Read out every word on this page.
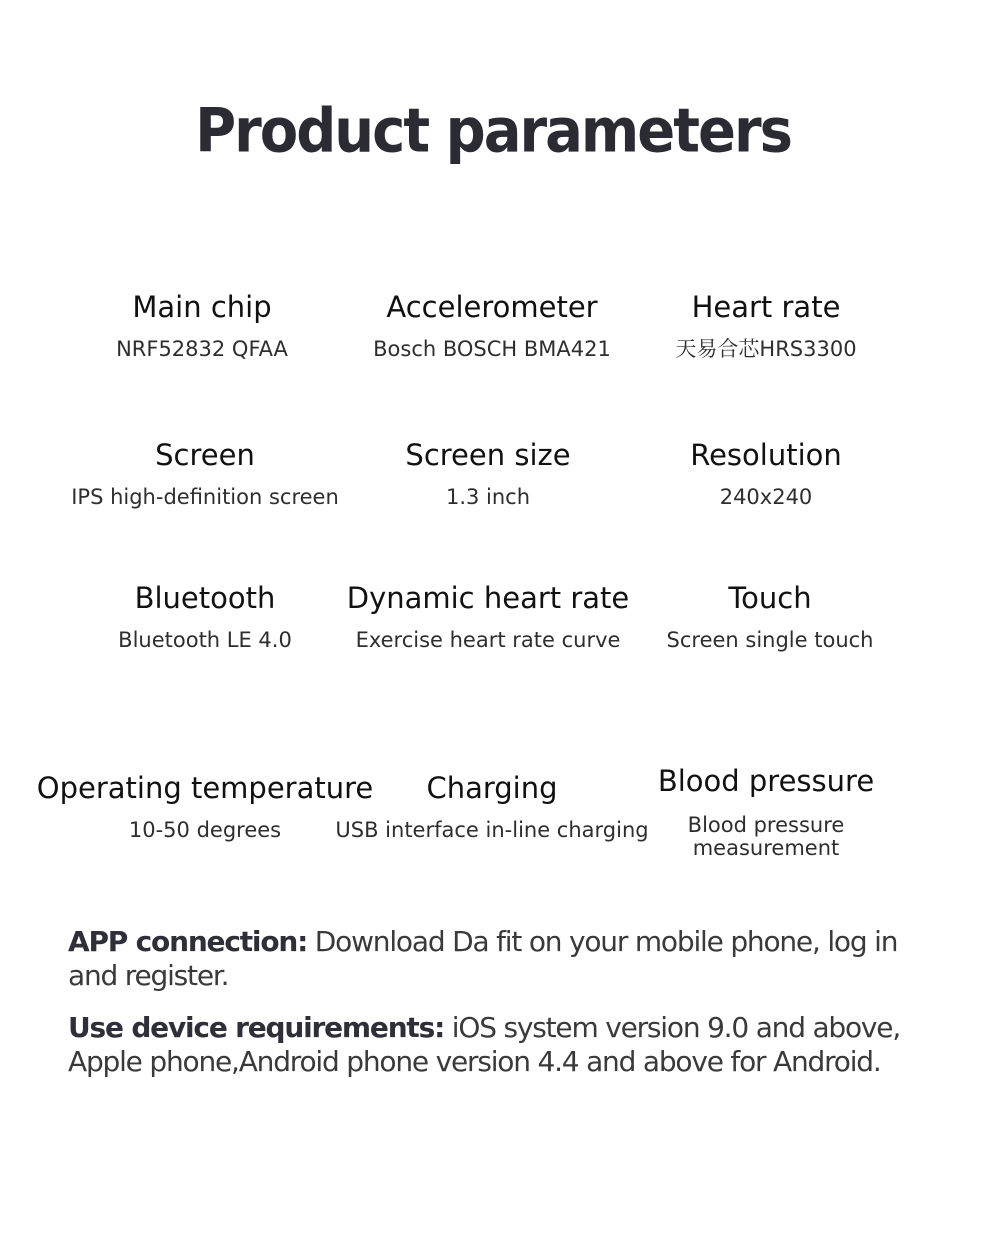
Product parameters
Main chip
NRF52832 QFAA
Accelerometer
Bosch BOSCH BMA421
Heart rate
天易合芯HRS3300
Screen
IPS high-definition screen
Screen size
1.3 inch
Resolution
240x240
Bluetooth
Bluetooth LE 4.0
Dynamic heart rate
Exercise heart rate curve
Touch
Screen single touch
Operating temperature
10-50 degrees
Charging
USB interface in-line charging
Blood pressure
Blood pressure measurement
APP connection: Download Da fit on your mobile phone, log in and register.
Use device requirements: iOS system version 9.0 and above, Apple phone,Android phone version 4.4 and above for Android.
